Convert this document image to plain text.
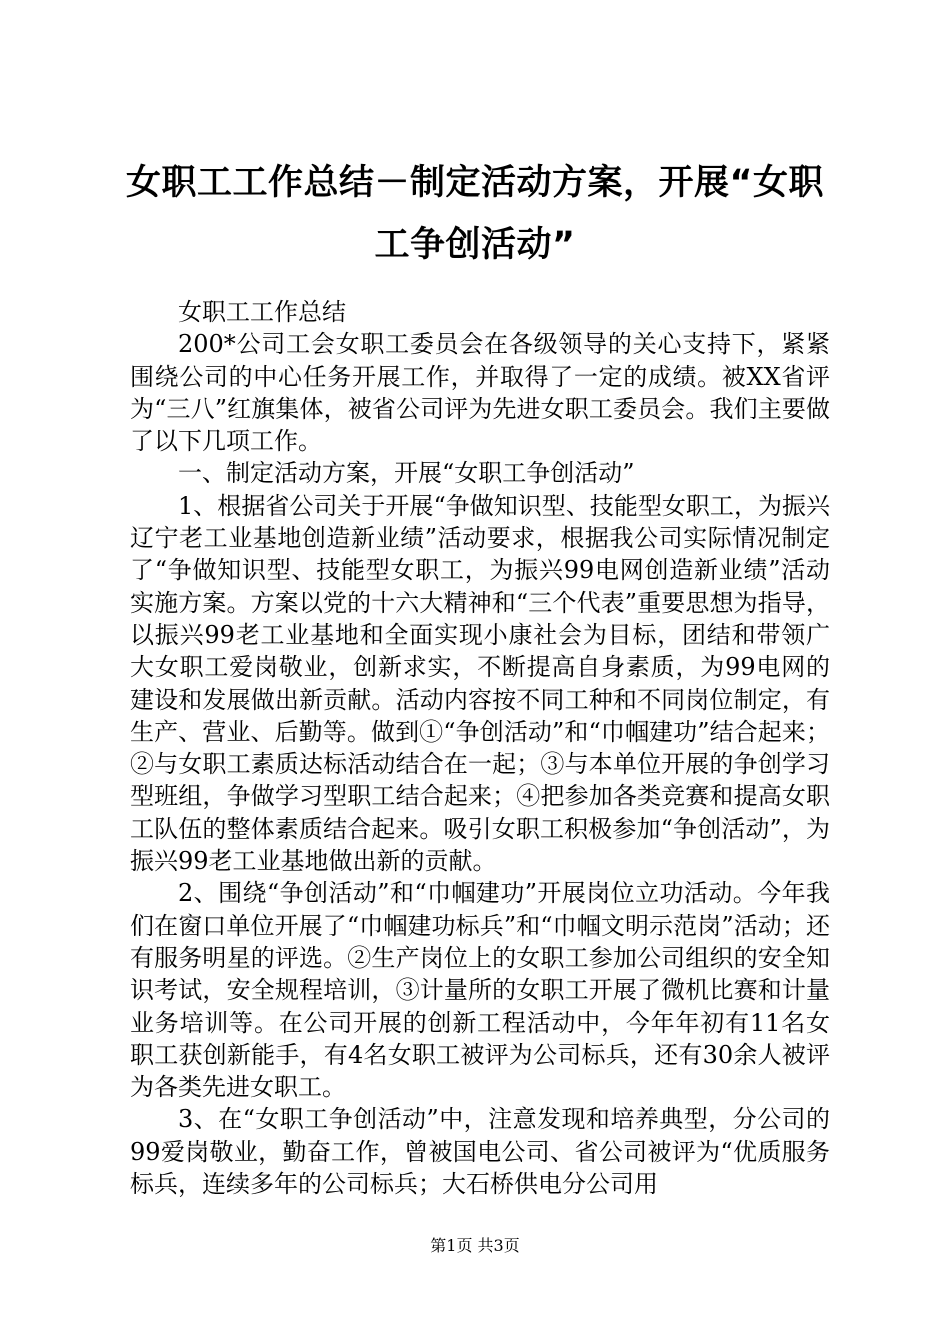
女职工工作总结－制定活动方案，开展“女职工争创活动”

女职工工作总结

200*公司工会女职工委员会在各级领导的关心支持下，紧紧围绕公司的中心任务开展工作，并取得了一定的成绩。被XX省评为“三八”红旗集体，被省公司评为先进女职工委员会。我们主要做了以下几项工作。

一、制定活动方案，开展“女职工争创活动”

1、根据省公司关于开展“争做知识型、技能型女职工，为振兴辽宁老工业基地创造新业绩”活动要求，根据我公司实际情况制定了“争做知识型、技能型女职工，为振兴99电网创造新业绩”活动实施方案。方案以党的十六大精神和“三个代表”重要思想为指导，以振兴99老工业基地和全面实现小康社会为目标，团结和带领广大女职工爱岗敬业，创新求实，不断提高自身素质，为99电网的建设和发展做出新贡献。活动内容按不同工种和不同岗位制定，有生产、营业、后勤等。做到①“争创活动”和“巾帼建功”结合起来；②与女职工素质达标活动结合在一起；③与本单位开展的争创学习型班组，争做学习型职工结合起来；④把参加各类竞赛和提高女职工队伍的整体素质结合起来。吸引女职工积极参加“争创活动”，为振兴99老工业基地做出新的贡献。

2、围绕“争创活动”和“巾帼建功”开展岗位立功活动。今年我们在窗口单位开展了“巾帼建功标兵”和“巾帼文明示范岗”活动；还有服务明星的评选。②生产岗位上的女职工参加公司组织的安全知识考试，安全规程培训，③计量所的女职工开展了微机比赛和计量业务培训等。在公司开展的创新工程活动中，今年年初有11名女职工获创新能手，有4名女职工被评为公司标兵，还有30余人被评为各类先进女职工。

3、在“女职工争创活动”中，注意发现和培养典型，分公司的99爱岗敬业，勤奋工作，曾被国电公司、省公司被评为“优质服务标兵，连续多年的公司标兵；大石桥供电分公司用

第1页 共3页
